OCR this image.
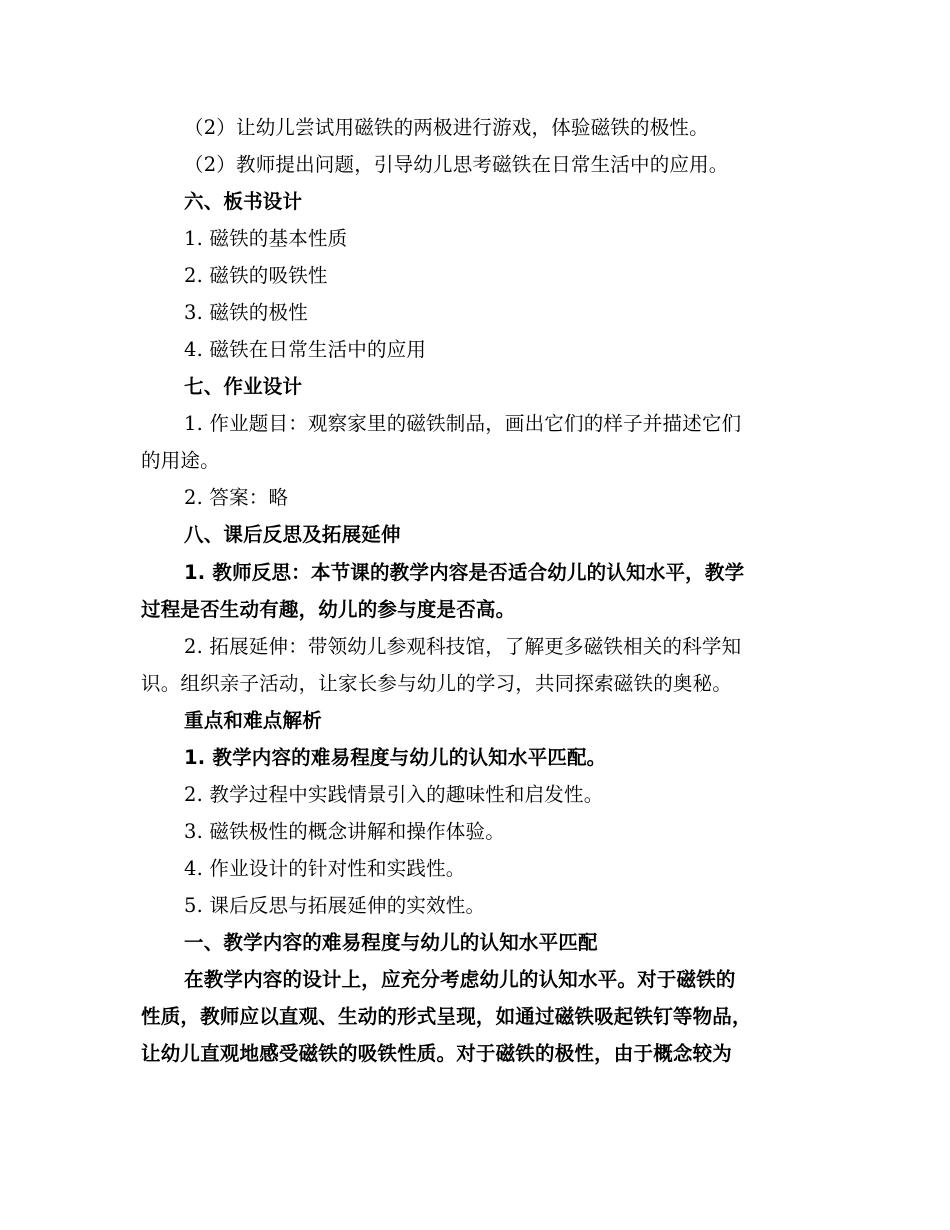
（2）让幼儿尝试用磁铁的两极进行游戏，体验磁铁的极性。
（2）教师提出问题，引导幼儿思考磁铁在日常生活中的应用。
六、板书设计
1. 磁铁的基本性质
2. 磁铁的吸铁性
3. 磁铁的极性
4. 磁铁在日常生活中的应用
七、作业设计
1. 作业题目：观察家里的磁铁制品，画出它们的样子并描述它们
的用途。
2. 答案：略
八、课后反思及拓展延伸
1. 教师反思：本节课的教学内容是否适合幼儿的认知水平，教学
过程是否生动有趣，幼儿的参与度是否高。
2. 拓展延伸：带领幼儿参观科技馆，了解更多磁铁相关的科学知
识。组织亲子活动，让家长参与幼儿的学习，共同探索磁铁的奥秘。
重点和难点解析
1. 教学内容的难易程度与幼儿的认知水平匹配。
2. 教学过程中实践情景引入的趣味性和启发性。
3. 磁铁极性的概念讲解和操作体验。
4. 作业设计的针对性和实践性。
5. 课后反思与拓展延伸的实效性。
一、教学内容的难易程度与幼儿的认知水平匹配
在教学内容的设计上，应充分考虑幼儿的认知水平。对于磁铁的
性质，教师应以直观、生动的形式呈现，如通过磁铁吸起铁钉等物品，
让幼儿直观地感受磁铁的吸铁性质。对于磁铁的极性，由于概念较为
